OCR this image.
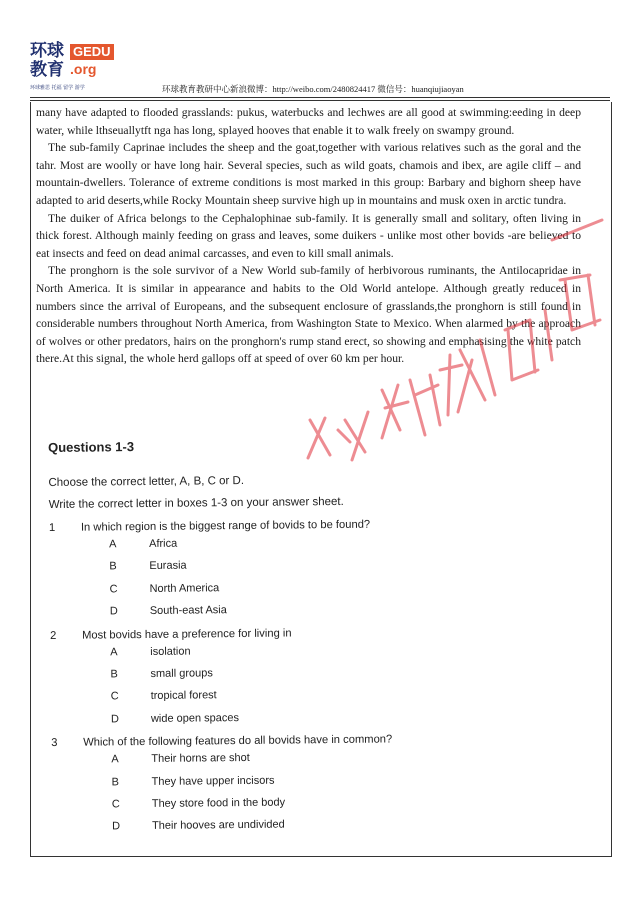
环球教育
GEDU
.org
环球雅思 托福 留学 游学	环球教育教研中心新浪微博：http://weibo.com/2480824417 微信号：huanqiujiaoyan

many have adapted to flooded grasslands: pukus, waterbucks and lechwes are all good at swimming:eeding in deep water, while lthseuallytft nga has long, splayed hooves that enable it to walk freely on swampy ground.

The sub-family Caprinae includes the sheep and the goat,together with various relatives such as the goral and the tahr. Most are woolly or have long hair. Several species, such as wild goats, chamois and ibex, are agile cliff – and mountain-dwellers. Tolerance of extreme conditions is most marked in this group: Barbary and bighorn sheep have adapted to arid deserts,while Rocky Mountain sheep survive high up in mountains and musk oxen in arctic tundra.

The duiker of Africa belongs to the Cephalophinae sub-family. It is generally small and solitary, often living in thick forest. Although mainly feeding on grass and leaves, some duikers - unlike most other bovids -are believed to eat insects and feed on dead animal carcasses, and even to kill small animals.

The pronghorn is the sole survivor of a New World sub-family of herbivorous ruminants, the Antilocapridae in North America. It is similar in appearance and habits to the Old World antelope. Although greatly reduced in numbers since the arrival of Europeans, and the subsequent enclosure of grasslands,the pronghorn is still found in considerable numbers throughout North America, from Washington State to Mexico. When alarmed by the approach of wolves or other predators, hairs on the pronghorn's rump stand erect, so showing and emphasising the white patch there.At this signal, the whole herd gallops off at speed of over 60 km per hour.

Questions 1-3
Choose the correct letter, A, B, C or D.
Write the correct letter in boxes 1-3 on your answer sheet.
1	In which region is the biggest range of bovids to be found?
A	Africa
B	Eurasia
C	North America
D	South-east Asia
2	Most bovids have a preference for living in
A	isolation
B	small groups
C	tropical forest
D	wide open spaces
3	Which of the following features do all bovids have in common?
A	Their horns are shot
B	They have upper incisors
C	They store food in the body
D	Their hooves are undivided
